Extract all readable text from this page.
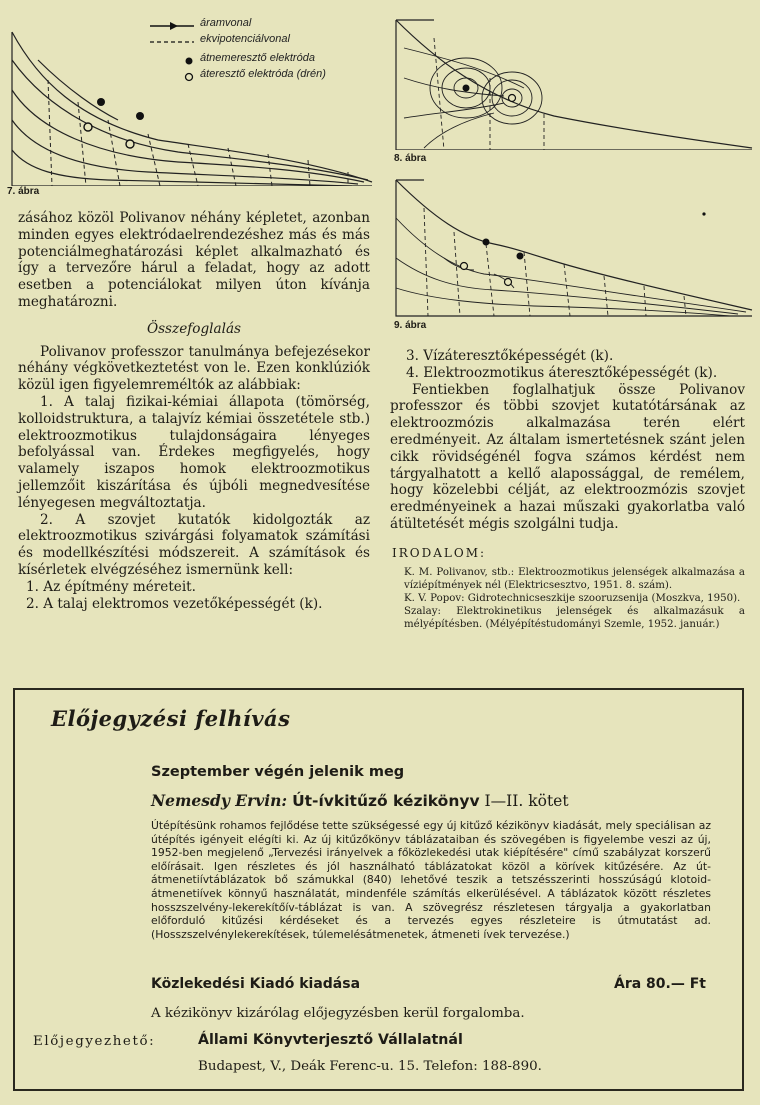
áramvonal
ekvipotenciálvonal
átnemeresztő elektróda
áteresztő elektróda (drén)
7. ábra
8. ábra
9. ábra

zásához közöl Polivanov néhány képletet, azonban minden egyes elektródaelrendezéshez más és más potenciálmeghatározási képlet alkalmazható és így a tervezőre hárul a feladat, hogy az adott esetben a potenciálokat milyen úton kívánja meghatározni.

Összefoglalás

Polivanov professzor tanulmánya befejezésekor néhány végkövetkeztetést von le. Ezen konklúziók közül igen figyelemreméltók az alábbiak:

1. A talaj fizikai-kémiai állapota (tömörség, kolloidstruktura, a talajvíz kémiai összetétele stb.) elektroozmotikus tulajdonságaira lényeges befolyással van. Érdekes megfigyelés, hogy valamely iszapos homok elektroozmotikus jellemzőit kiszárítása és újbóli megnedvesítése lényegesen megváltoztatja.

2. A szovjet kutatók kidolgozták az elektroozmotikus szivárgási folyamatok számítási és modellkészítési módszereit. A számítások és kísérletek elvégzéséhez ismernünk kell:

1. Az építmény méreteit.

2. A talaj elektromos vezetőképességét (k).

3. Vízáteresztőképességét (k).

4. Elektroozmotikus áteresztőképességét (k).

Fentiekben foglalhatjuk össze Polivanov professzor és többi szovjet kutatótársának az elektroozmózis alkalmazása terén elért eredményeit. Az általam ismertetésnek szánt jelen cikk rövidségénél fogva számos kérdést nem tárgyalhatott a kellő alapossággal, de remélem, hogy közelebbi célját, az elektroozmózis szovjet eredményeinek a hazai műszaki gyakorlatba való átültetését mégis szolgálni tudja.

IRODALOM:

K. M. Polivanov, stb.: Elektroozmotikus jelenségek alkalmazása a víziépítmények nél (Elektricsesztvo, 1951. 8. szám).

K. V. Popov: Gidrotechnicseszkije szooruzsenija (Moszkva, 1950).

Szalay: Elektrokinetikus jelenségek és alkalmazásuk a mélyépítésben. (Mélyépítéstudományi Szemle, 1952. január.)

Előjegyzési felhívás
Szeptember végén jelenik meg
Nemesdy Ervin: Út-ívkitűző kézikönyv I—II. kötet
Útépítésünk rohamos fejlődése tette szükségessé egy új kitűző kézikönyv kiadását, mely speciálisan az útépítés igényeit elégíti ki. Az új kitűzőkönyv táblázataiban és szövegében is figyelembe veszi az új, 1952-ben megjelenő „Tervezési irányelvek a főközlekedési utak kiépítésére" című szabályzat korszerű előírásait. Igen részletes és jól használható táblázatokat közöl a körívek kitűzésére. Az út-átmenetiívtáblázatok bő számukkal (840) lehetővé teszik a tetszésszerinti hosszúságú klotoid-átmenetiívek könnyű használatát, mindenféle számítás elkerülésével. A táblázatok között részletes hosszszelvény-lekerekítőív-táblázat is van. A szövegrész részletesen tárgyalja a gyakorlatban előforduló kitűzési kérdéseket és a tervezés egyes részleteire is útmutatást ad. (Hosszszelvénylekerekítések, túlemelésátmenetek, átmeneti ívek tervezése.)
Közlekedési Kiadó kiadása	Ára 80.— Ft
A kézikönyv kizárólag előjegyzésben kerül forgalomba.
Előjegyezhető:	Állami Könyvterjesztő Vállalatnál
Budapest, V., Deák Ferenc-u. 15. Telefon: 188-890.
